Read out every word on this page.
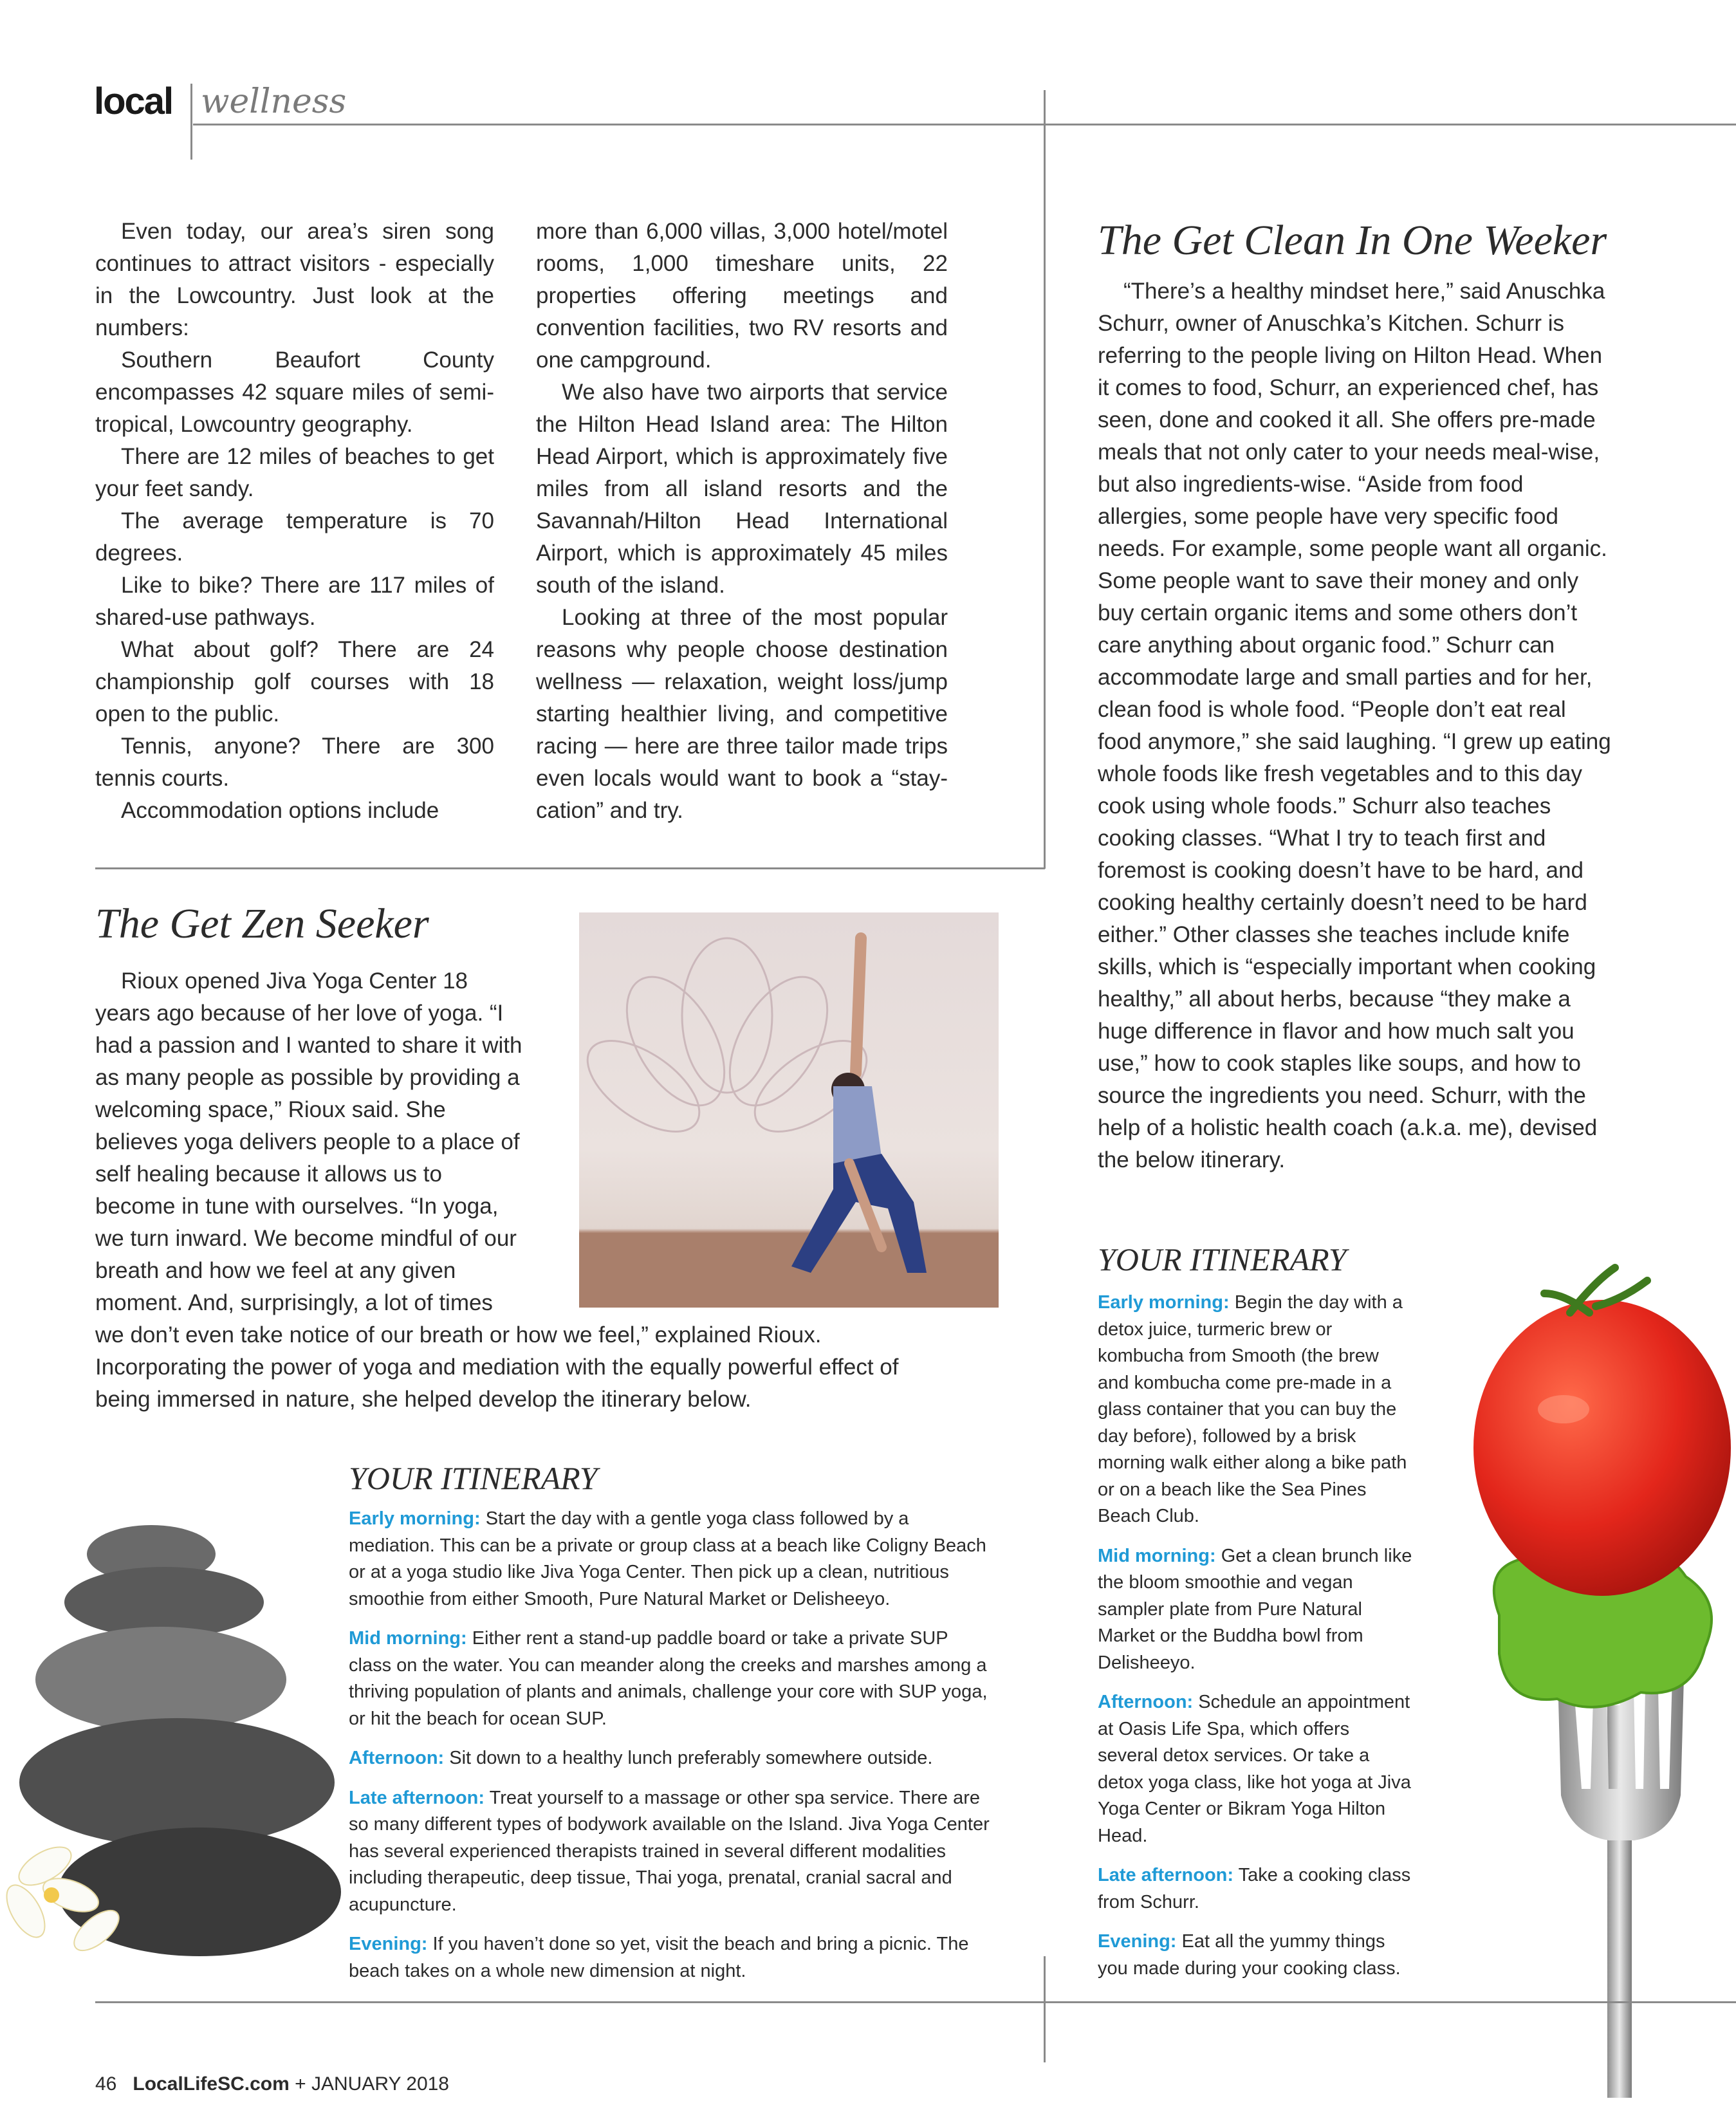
local wellness

Even today, our area’s siren song continues to attract visitors - especially in the Lowcountry. Just look at the numbers:

Southern Beaufort County encompasses 42 square miles of semi-tropical, Lowcountry geography.

There are 12 miles of beaches to get your feet sandy.

The average temperature is 70 degrees.

Like to bike? There are 117 miles of shared-use pathways.

What about golf? There are 24 championship golf courses with 18 open to the public.

Tennis, anyone? There are 300 tennis courts.

Accommodation options include

more than 6,000 villas, 3,000 hotel/motel rooms, 1,000 timeshare units, 22 properties offering meetings and convention facilities, two RV resorts and one campground.

We also have two airports that service the Hilton Head Island area: The Hilton Head Airport, which is approximately five miles from all island resorts and the Savannah/Hilton Head International Airport, which is approximately 45 miles south of the island.

Looking at three of the most popular reasons why people choose destination wellness — relaxation, weight loss/jump starting healthier living, and competitive racing — here are three tailor made trips even locals would want to book a “stay-cation” and try.

The Get Zen Seeker

Rioux opened Jiva Yoga Center 18 years ago because of her love of yoga. “I had a passion and I wanted to share it with as many people as possible by providing a welcoming space,” Rioux said. She believes yoga delivers people to a place of self healing because it allows us to become in tune with ourselves. “In yoga, we turn inward. We become mindful of our breath and how we feel at any given moment. And, surprisingly, a lot of times

we don’t even take notice of our breath or how we feel,” explained Rioux. Incorporating the power of yoga and mediation with the equally powerful effect of being immersed in nature, she helped develop the itinerary below.

YOUR ITINERARY

Early morning: Start the day with a gentle yoga class followed by a mediation. This can be a private or group class at a beach like Coligny Beach or at a yoga studio like Jiva Yoga Center. Then pick up a clean, nutritious smoothie from either Smooth, Pure Natural Market or Delisheeyo.

Mid morning: Either rent a stand-up paddle board or take a private SUP class on the water. You can meander along the creeks and marshes among a thriving population of plants and animals, challenge your core with SUP yoga, or hit the beach for ocean SUP.

Afternoon: Sit down to a healthy lunch preferably somewhere outside.

Late afternoon: Treat yourself to a massage or other spa service. There are so many different types of bodywork available on the Island. Jiva Yoga Center has several experienced therapists trained in several different modalities including therapeutic, deep tissue, Thai yoga, prenatal, cranial sacral and acupuncture.

Evening: If you haven’t done so yet, visit the beach and bring a picnic. The beach takes on a whole new dimension at night.

The Get Clean In One Weeker

“There’s a healthy mindset here,” said Anuschka Schurr, owner of Anuschka’s Kitchen. Schurr is referring to the people living on Hilton Head. When it comes to food, Schurr, an experienced chef, has seen, done and cooked it all. She offers pre-made meals that not only cater to your needs meal-wise, but also ingredients-wise. “Aside from food allergies, some people have very specific food needs. For example, some people want all organic. Some people want to save their money and only buy certain organic items and some others don’t care anything about organic food.” Schurr can accommodate large and small parties and for her, clean food is whole food. “People don’t eat real food anymore,” she said laughing. “I grew up eating whole foods like fresh vegetables and to this day cook using whole foods.” Schurr also teaches cooking classes. “What I try to teach first and foremost is cooking doesn’t have to be hard, and cooking healthy certainly doesn’t need to be hard either.” Other classes she teaches include knife skills, which is “especially important when cooking healthy,” all about herbs, because “they make a huge difference in flavor and how much salt you use,” how to cook staples like soups, and how to source the ingredients you need. Schurr, with the help of a holistic health coach (a.k.a. me), devised the below itinerary.

YOUR ITINERARY

Early morning: Begin the day with a detox juice, turmeric brew or kombucha from Smooth (the brew and kombucha come pre-made in a glass container that you can buy the day before), followed by a brisk morning walk either along a bike path or on a beach like the Sea Pines Beach Club.

Mid morning: Get a clean brunch like the bloom smoothie and vegan sampler plate from Pure Natural Market or the Buddha bowl from Delisheeyo.

Afternoon: Schedule an appointment at Oasis Life Spa, which offers several detox services. Or take a detox yoga class, like hot yoga at Jiva Yoga Center or Bikram Yoga Hilton Head.

Late afternoon: Take a cooking class from Schurr.

Evening: Eat all the yummy things you made during your cooking class.

46 LocalLifeSC.com + JANUARY 2018
